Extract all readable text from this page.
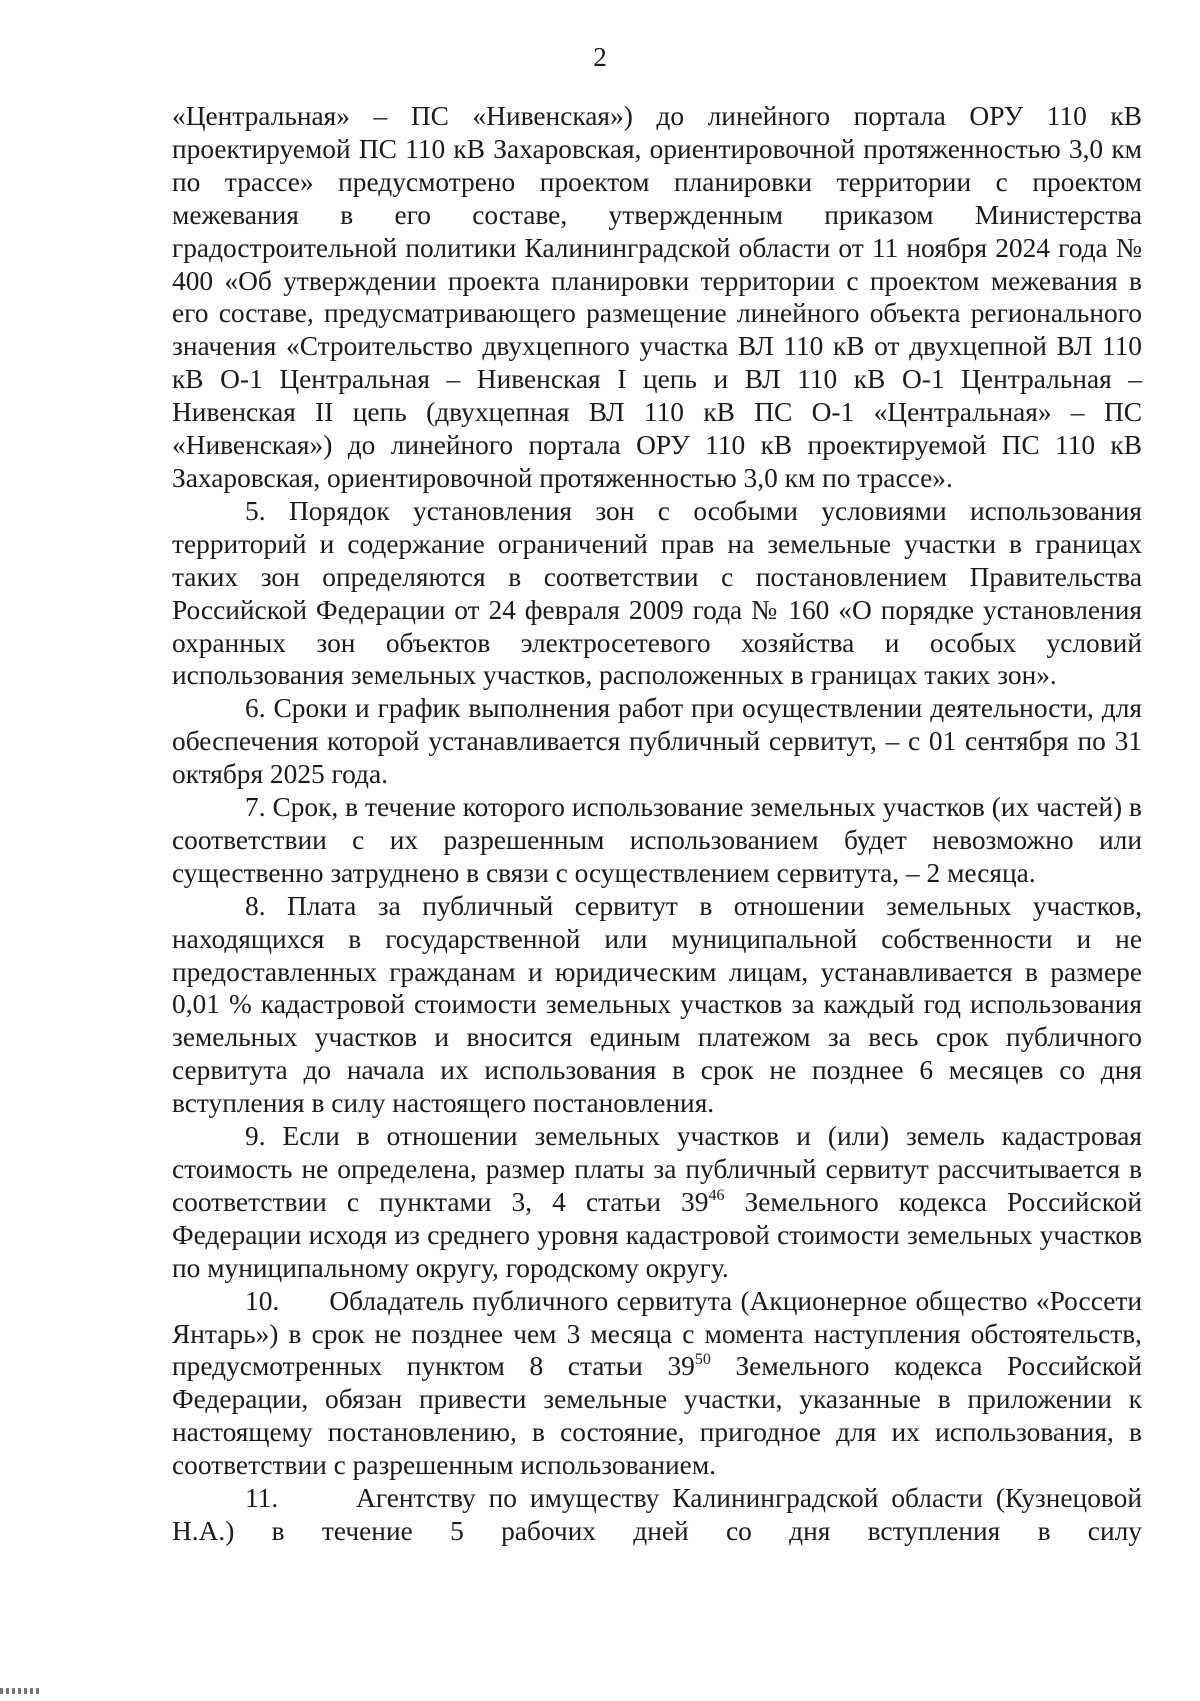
2

«Центральная» – ПС «Нивенская») до линейного портала ОРУ 110 кВ проектируемой ПС 110 кВ Захаровская, ориентировочной протяженностью 3,0 км по трассе» предусмотрено проектом планировки территории с проектом межевания в его составе, утвержденным приказом Министерства градостроительной политики Калининградской области от 11 ноября 2024 года № 400 «Об утверждении проекта планировки территории с проектом межевания в его составе, предусматривающего размещение линейного объекта регионального значения «Строительство двухцепного участка ВЛ 110 кВ от двухцепной ВЛ 110 кВ О-1 Центральная – Нивенская I цепь и ВЛ 110 кВ О-1 Центральная – Нивенская II цепь (двухцепная ВЛ 110 кВ ПС О-1 «Центральная» – ПС «Нивенская») до линейного портала ОРУ 110 кВ проектируемой ПС 110 кВ Захаровская, ориентировочной протяженностью 3,0 км по трассе».

5. Порядок установления зон с особыми условиями использования территорий и содержание ограничений прав на земельные участки в границах таких зон определяются в соответствии с постановлением Правительства Российской Федерации от 24 февраля 2009 года № 160 «О порядке установления охранных зон объектов электросетевого хозяйства и особых условий использования земельных участков, расположенных в границах таких зон».

6. Сроки и график выполнения работ при осуществлении деятельности, для обеспечения которой устанавливается публичный сервитут, – с 01 сентября по 31 октября 2025 года.

7. Срок, в течение которого использование земельных участков (их частей) в соответствии с их разрешенным использованием будет невозможно или существенно затруднено в связи с осуществлением сервитута, – 2 месяца.

8. Плата за публичный сервитут в отношении земельных участков, находящихся в государственной или муниципальной собственности и не предоставленных гражданам и юридическим лицам, устанавливается в размере 0,01 % кадастровой стоимости земельных участков за каждый год использования земельных участков и вносится единым платежом за весь срок публичного сервитута до начала их использования в срок не позднее 6 месяцев со дня вступления в силу настоящего постановления.

9. Если в отношении земельных участков и (или) земель кадастровая стоимость не определена, размер платы за публичный сервитут рассчитывается в соответствии с пунктами 3, 4 статьи $39^{46}$ Земельного кодекса Российской Федерации исходя из среднего уровня кадастровой стоимости земельных участков по муниципальному округу, городскому округу.

10. Обладатель публичного сервитута (Акционерное общество «Россети Янтарь») в срок не позднее чем 3 месяца с момента наступления обстоятельств, предусмотренных пунктом 8 статьи $39^{50}$ Земельного кодекса Российской Федерации, обязан привести земельные участки, указанные в приложении к настоящему постановлению, в состояние, пригодное для их использования, в соответствии с разрешенным использованием.

11.	Агентству по имуществу Калининградской области (Кузнецовой Н.А.) в течение 5 рабочих дней со дня вступления в силу
